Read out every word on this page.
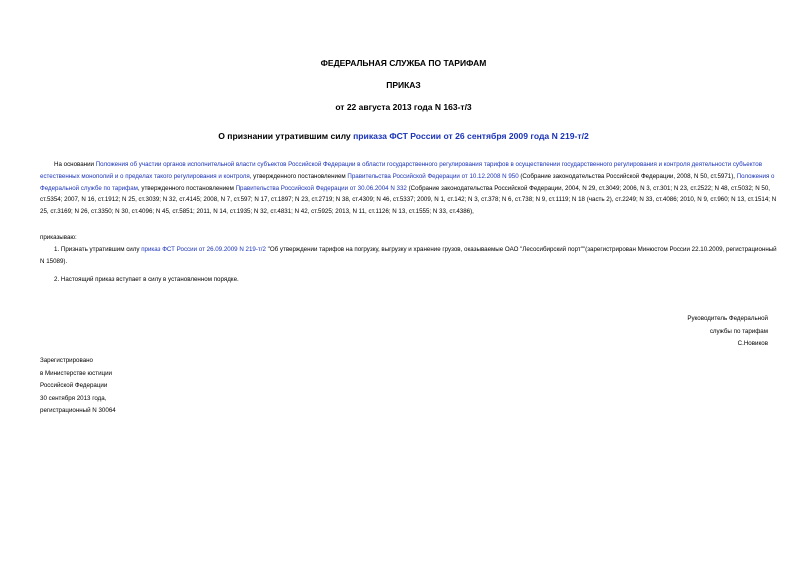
ФЕДЕРАЛЬНАЯ СЛУЖБА ПО ТАРИФАМ
ПРИКАЗ
от 22 августа 2013 года N 163-т/3
О признании утратившим силу приказа ФСТ России от 26 сентября 2009 года N 219-т/2

На основании Положения об участии органов исполнительной власти субъектов Российской Федерации в области государственного регулирования тарифов в осуществлении государственного регулирования и контроля деятельности субъектов естественных монополий и о пределах такого регулирования и контроля, утвержденного постановлением Правительства Российской Федерации от 10.12.2008 N 950 (Собрание законодательства Российской Федерации, 2008, N 50, ст.5971), Положения о Федеральной службе по тарифам, утвержденного постановлением Правительства Российской Федерации от 30.06.2004 N 332 (Собрание законодательства Российской Федерации, 2004, N 29, ст.3049; 2006, N 3, ст.301; N 23, ст.2522; N 48, ст.5032; N 50, ст.5354; 2007, N 16, ст.1912; N 25, ст.3039; N 32, ст.4145; 2008, N 7, ст.597; N 17, ст.1897; N 23, ст.2719; N 38, ст.4309; N 46, ст.5337; 2009, N 1, ст.142; N 3, ст.378; N 6, ст.738; N 9, ст.1119; N 18 (часть 2), ст.2249; N 33, ст.4086; 2010, N 9, ст.960; N 13, ст.1514; N 25, ст.3169; N 26, ст.3350; N 30, ст.4096; N 45, ст.5851; 2011, N 14, ст.1935; N 32, ст.4831; N 42, ст.5925; 2013, N 11, ст.1126; N 13, ст.1555; N 33, ст.4386),

приказываю:

1. Признать утратившим силу приказ ФСТ России от 26.09.2009 N 219-т/2 "Об утверждении тарифов на погрузку, выгрузку и хранение грузов, оказываемые ОАО "Лесосибирский порт""(зарегистрирован Минюстом России 22.10.2009, регистрационный N 15089).

2. Настоящий приказ вступает в силу в установленном порядке.

Руководитель Федеральной
службы по тарифам
С.Новиков
Зарегистрировано
в Министерстве юстиции
Российской Федерации
30 сентября 2013 года,
регистрационный N 30064
